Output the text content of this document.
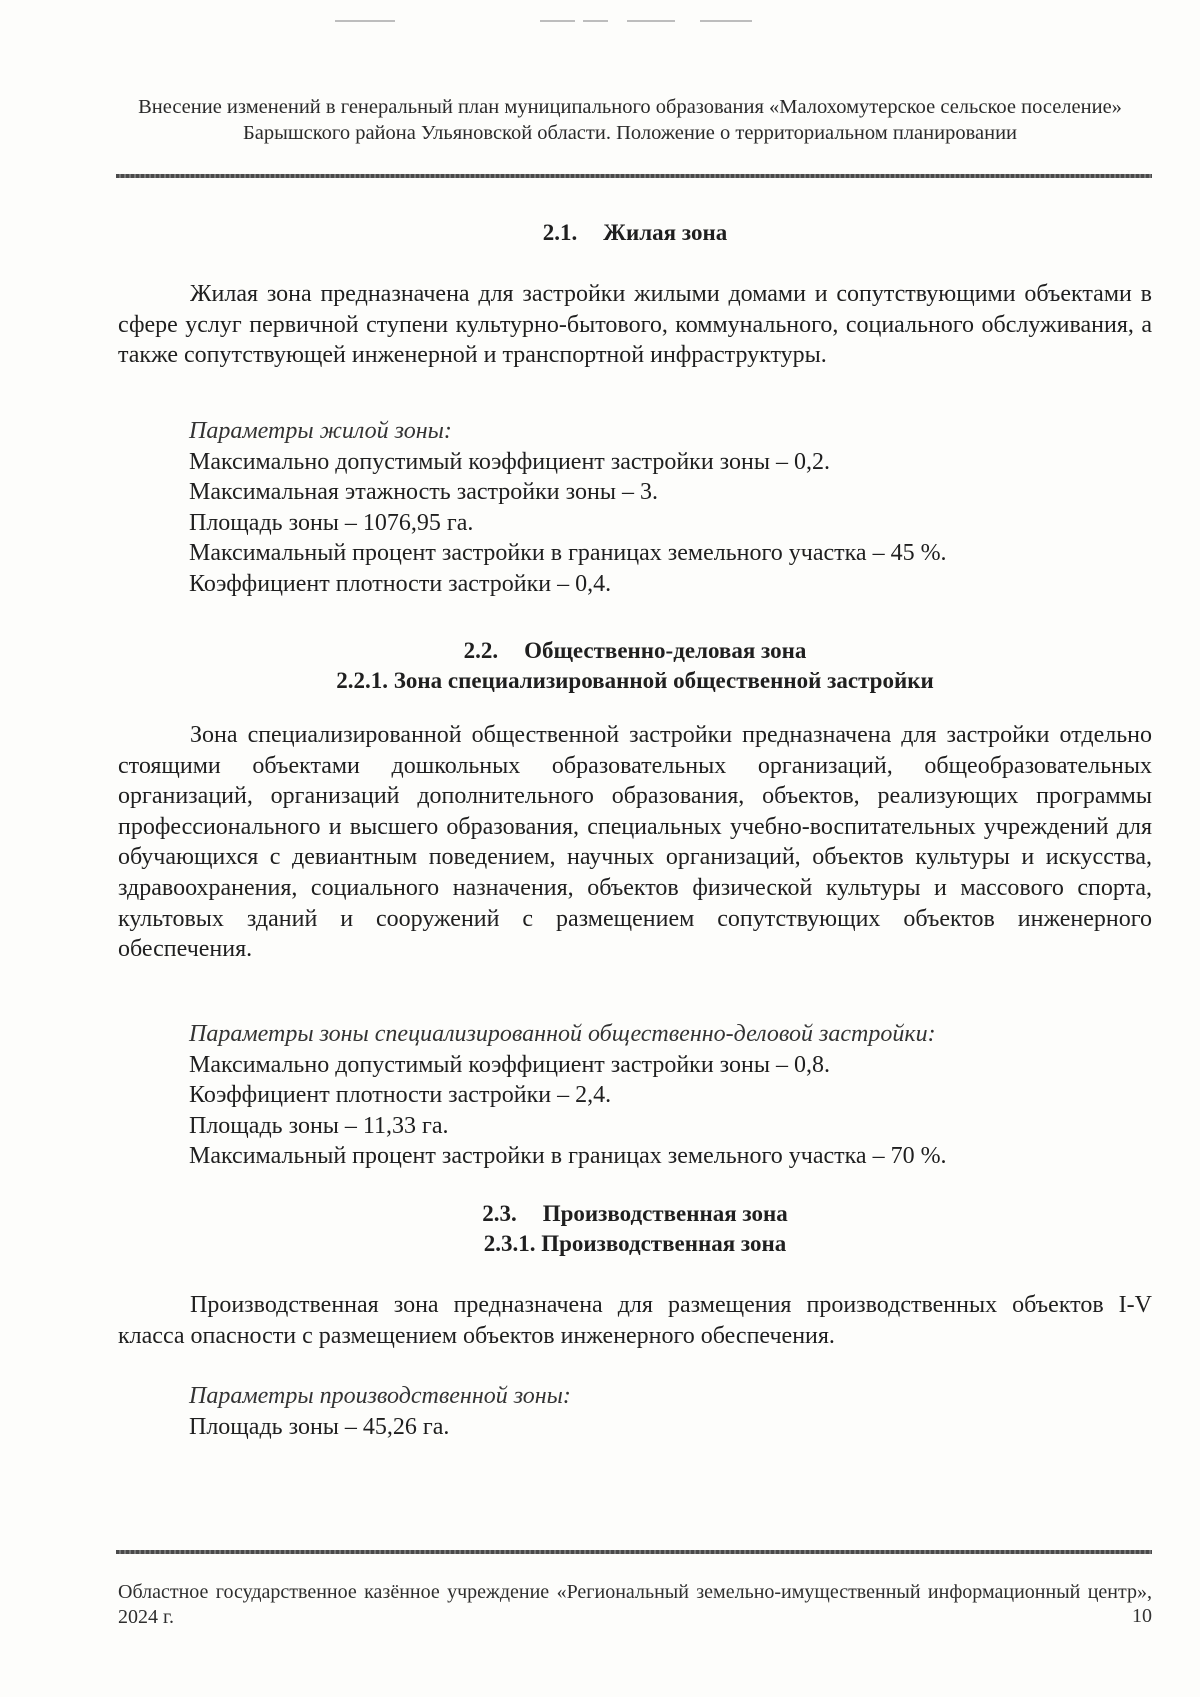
Внесение изменений в генеральный план муниципального образования «Малохомутерское сельское поселение» Барышского района Ульяновской области. Положение о территориальном планировании
2.1. Жилая зона

Жилая зона предназначена для застройки жилыми домами и сопутствующими объектами в сфере услуг первичной ступени культурно-бытового, коммунального, социального обслуживания, а также сопутствующей инженерной и транспортной инфраструктуры.

Параметры жилой зоны:
Максимально допустимый коэффициент застройки зоны – 0,2.
Максимальная этажность застройки зоны – 3.
Площадь зоны – 1076,95 га.
Максимальный процент застройки в границах земельного участка – 45 %.
Коэффициент плотности застройки – 0,4.
2.2. Общественно-деловая зона
2.2.1. Зона специализированной общественной застройки

Зона специализированной общественной застройки предназначена для застройки отдельно стоящими объектами дошкольных образовательных организаций, общеобразовательных организаций, организаций дополнительного образования, объектов, реализующих программы профессионального и высшего образования, специальных учебно-воспитательных учреждений для обучающихся с девиантным поведением, научных организаций, объектов культуры и искусства, здравоохранения, социального назначения, объектов физической культуры и массового спорта, культовых зданий и сооружений с размещением сопутствующих объектов инженерного обеспечения.

Параметры зоны специализированной общественно-деловой застройки:
Максимально допустимый коэффициент застройки зоны – 0,8.
Коэффициент плотности застройки – 2,4.
Площадь зоны – 11,33 га.
Максимальный процент застройки в границах земельного участка – 70 %.
2.3. Производственная зона
2.3.1. Производственная зона

Производственная зона предназначена для размещения производственных объектов I-V класса опасности с размещением объектов инженерного обеспечения.

Параметры производственной зоны:
Площадь зоны – 45,26 га.
Областное государственное казённое учреждение «Региональный земельно-имущественный информационный центр», 2024 г.	10
